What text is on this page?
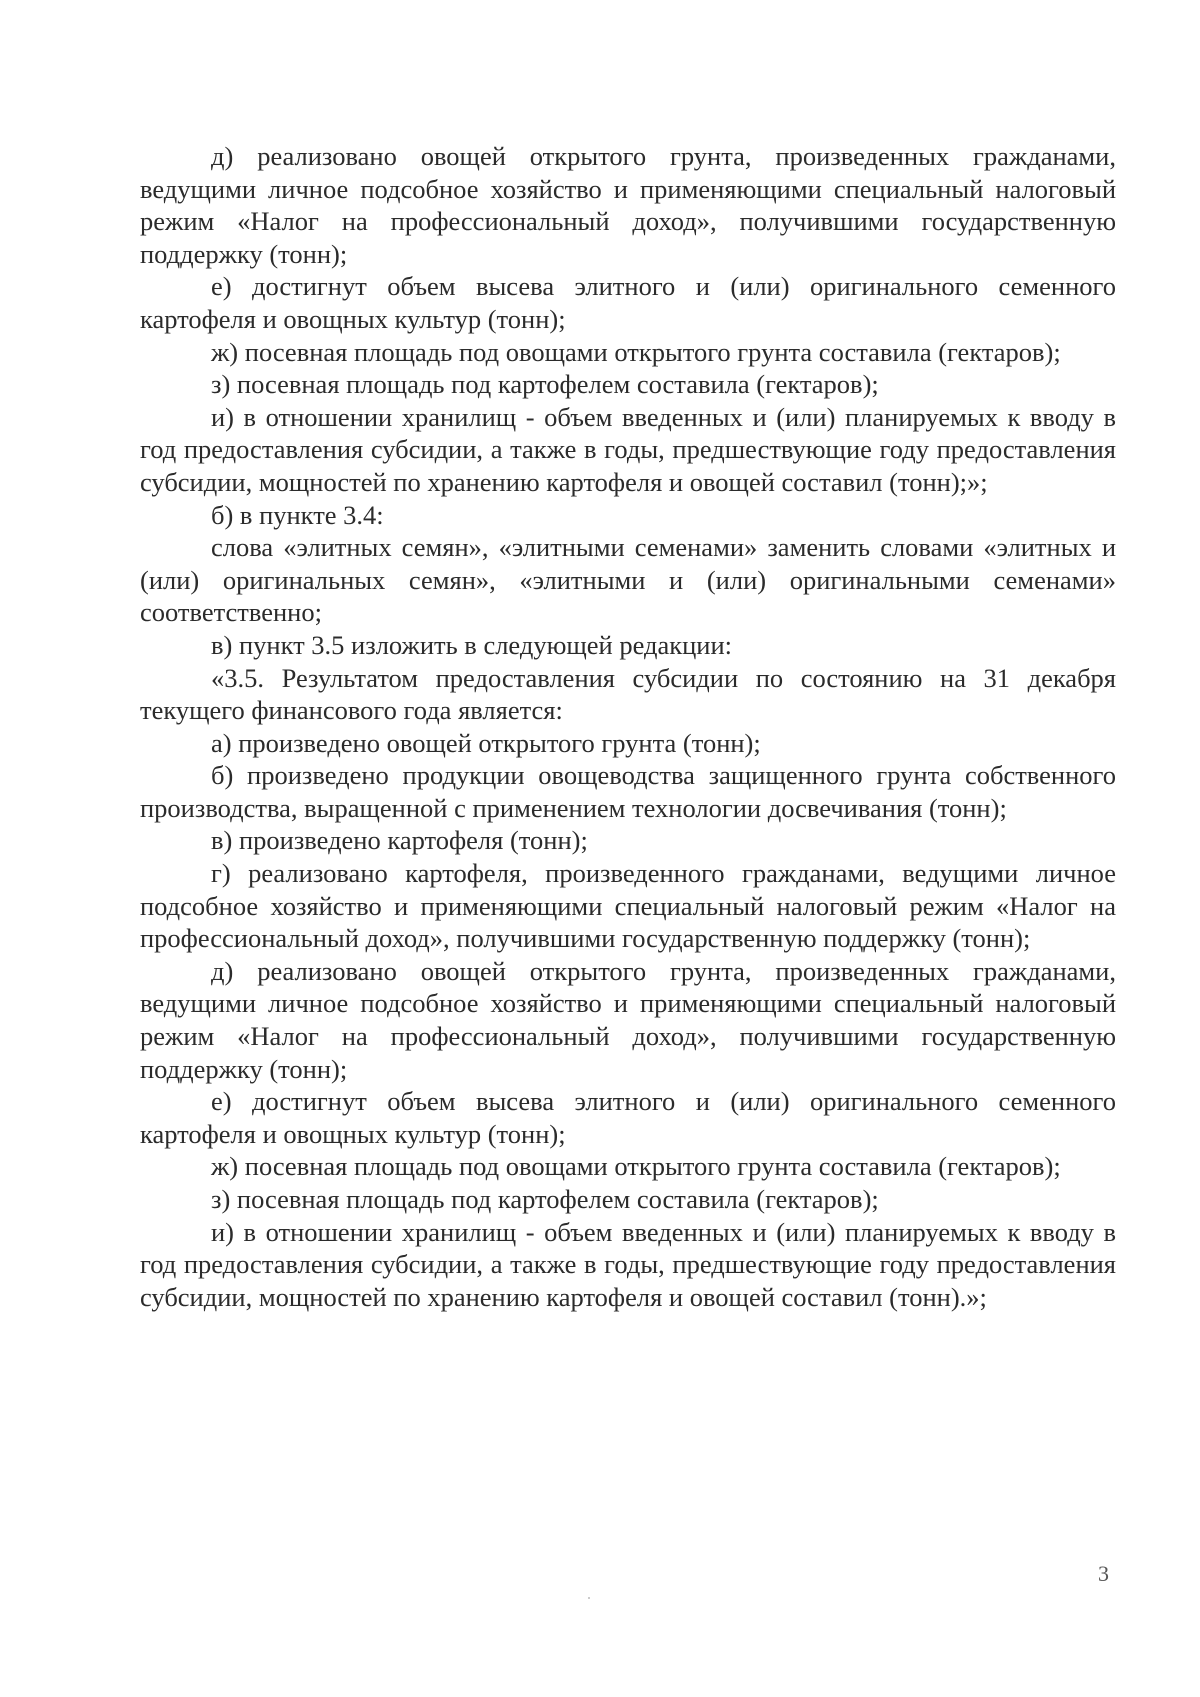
д) реализовано овощей открытого грунта, произведенных гражданами, ведущими личное подсобное хозяйство и применяющими специальный налоговый режим «Налог на профессиональный доход», получившими государственную поддержку (тонн);

е) достигнут объем высева элитного и (или) оригинального семенного картофеля и овощных культур (тонн);

ж) посевная площадь под овощами открытого грунта составила (гектаров);

з) посевная площадь под картофелем составила (гектаров);

и) в отношении хранилищ - объем введенных и (или) планируемых к вводу в год предоставления субсидии, а также в годы, предшествующие году предоставления субсидии, мощностей по хранению картофеля и овощей составил (тонн);»;

б) в пункте 3.4:

слова «элитных семян», «элитными семенами» заменить словами «элитных и (или) оригинальных семян», «элитными и (или) оригинальными семенами» соответственно;

в) пункт 3.5 изложить в следующей редакции:

«3.5. Результатом предоставления субсидии по состоянию на 31 декабря текущего финансового года является:

а) произведено овощей открытого грунта (тонн);

б) произведено продукции овощеводства защищенного грунта собственного производства, выращенной с применением технологии досвечивания (тонн);

в) произведено картофеля (тонн);

г) реализовано картофеля, произведенного гражданами, ведущими личное подсобное хозяйство и применяющими специальный налоговый режим «Налог на профессиональный доход», получившими государственную поддержку (тонн);

д) реализовано овощей открытого грунта, произведенных гражданами, ведущими личное подсобное хозяйство и применяющими специальный налоговый режим «Налог на профессиональный доход», получившими государственную поддержку (тонн);

е) достигнут объем высева элитного и (или) оригинального семенного картофеля и овощных культур (тонн);

ж) посевная площадь под овощами открытого грунта составила (гектаров);

з) посевная площадь под картофелем составила (гектаров);

и) в отношении хранилищ - объем введенных и (или) планируемых к вводу в год предоставления субсидии, а также в годы, предшествующие году предоставления субсидии, мощностей по хранению картофеля и овощей составил (тонн).»;

3
